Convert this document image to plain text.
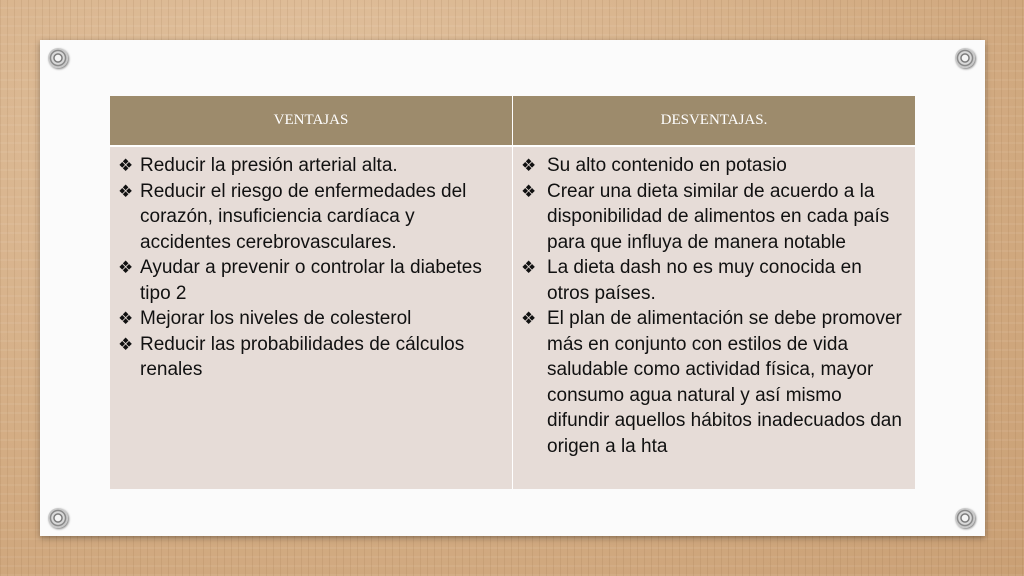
VENTAJAS	DESVENTAJAS.
❖ Reducir la presión arterial alta.
❖ Reducir el riesgo de enfermedades del corazón, insuficiencia cardíaca y accidentes cerebrovasculares.
❖ Ayudar a prevenir o controlar la diabetes tipo 2
❖ Mejorar los niveles de colesterol
❖ Reducir las probabilidades de cálculos renales
❖ Su alto contenido en potasio
❖ Crear una dieta similar de acuerdo a la disponibilidad de alimentos en cada país para que influya de manera notable
❖ La dieta dash no es muy conocida en otros países.
❖ El plan de alimentación se debe promover más en conjunto con estilos de vida saludable como actividad física, mayor consumo agua natural y así mismo difundir aquellos hábitos inadecuados dan origen a la hta
